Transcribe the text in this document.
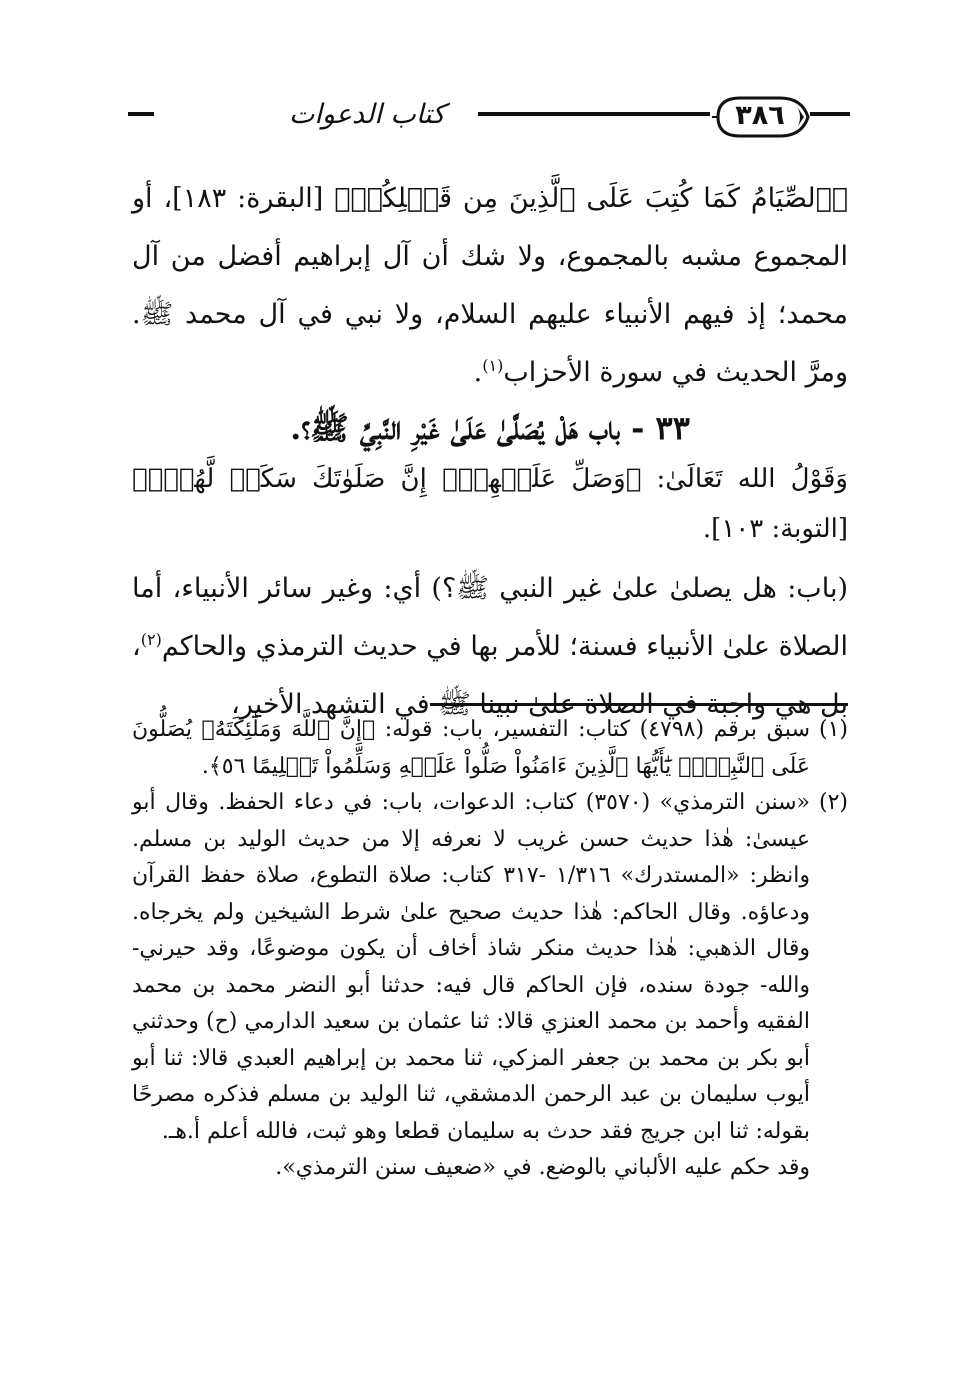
٣٨٦
كتاب الدعوات

﴿ٱلصِّيَامُ كَمَا كُتِبَ عَلَى ٱلَّذِينَ مِن قَبۡلِكُمۡ﴾ [البقرة: ١٨٣]، أو المجموع مشبه بالمجموع، ولا شك أن آل إبراهيم أفضل من آل محمد؛ إذ فيهم الأنبياء عليهم السلام، ولا نبي في آل محمد ﷺ. ومرَّ الحديث في سورة الأحزاب$^{(١)}$.

٣٣ - باب هَلْ يُصَلَّىٰ عَلَىٰ غَيْرِ النَّبِيِّ ﷺ؟.

وَقَوْلُ الله تَعَالَىٰ: ﴿وَصَلِّ عَلَيۡهِمۡۖ إِنَّ صَلَوٰتَكَ سَكَنٞ لَّهُمۡۗ﴾ [التوبة: ١٠٣].

(باب: هل يصلىٰ علىٰ غير النبي ﷺ؟) أي: وغير سائر الأنبياء، أما الصلاة علىٰ الأنبياء فسنة؛ للأمر بها في حديث الترمذي والحاكم$^{(٢)}$، بل هي واجبة في الصلاة علىٰ نبينا ﷺ في التشهد الأخير،

(١)
سبق برقم (٤٧٩٨) كتاب: التفسير، باب: قوله: ﴿إِنَّ ٱللَّهَ وَمَلَٰٓئِكَتَهُۥ يُصَلُّونَ عَلَى ٱلنَّبِيِّۚ يَٰٓأَيُّهَا ٱلَّذِينَ ءَامَنُواْ صَلُّواْ عَلَيۡهِ وَسَلِّمُواْ تَسۡلِيمًا ٥٦﴾.

(٢)
«سنن الترمذي» (٣٥٧٠) كتاب: الدعوات، باب: في دعاء الحفظ. وقال أبو عيسىٰ: هٰذا حديث حسن غريب لا نعرفه إلا من حديث الوليد بن مسلم. وانظر: «المستدرك» ١/٣١٦ -٣١٧ كتاب: صلاة التطوع، صلاة حفظ القرآن ودعاؤه. وقال الحاكم: هٰذا حديث صحيح علىٰ شرط الشيخين ولم يخرجاه. وقال الذهبي: هٰذا حديث منكر شاذ أخاف أن يكون موضوعًا، وقد حيرني- والله- جودة سنده، فإن الحاكم قال فيه: حدثنا أبو النضر محمد بن محمد الفقيه وأحمد بن محمد العنزي قالا: ثنا عثمان بن سعيد الدارمي (ح) وحدثني أبو بكر بن محمد بن جعفر المزكي، ثنا محمد بن إبراهيم العبدي قالا: ثنا أبو أيوب سليمان بن عبد الرحمن الدمشقي، ثنا الوليد بن مسلم فذكره مصرحًا بقوله: ثنا ابن جريج فقد حدث به سليمان قطعا وهو ثبت، فالله أعلم أ.هـ.

وقد حكم عليه الألباني بالوضع. في «ضعيف سنن الترمذي».
